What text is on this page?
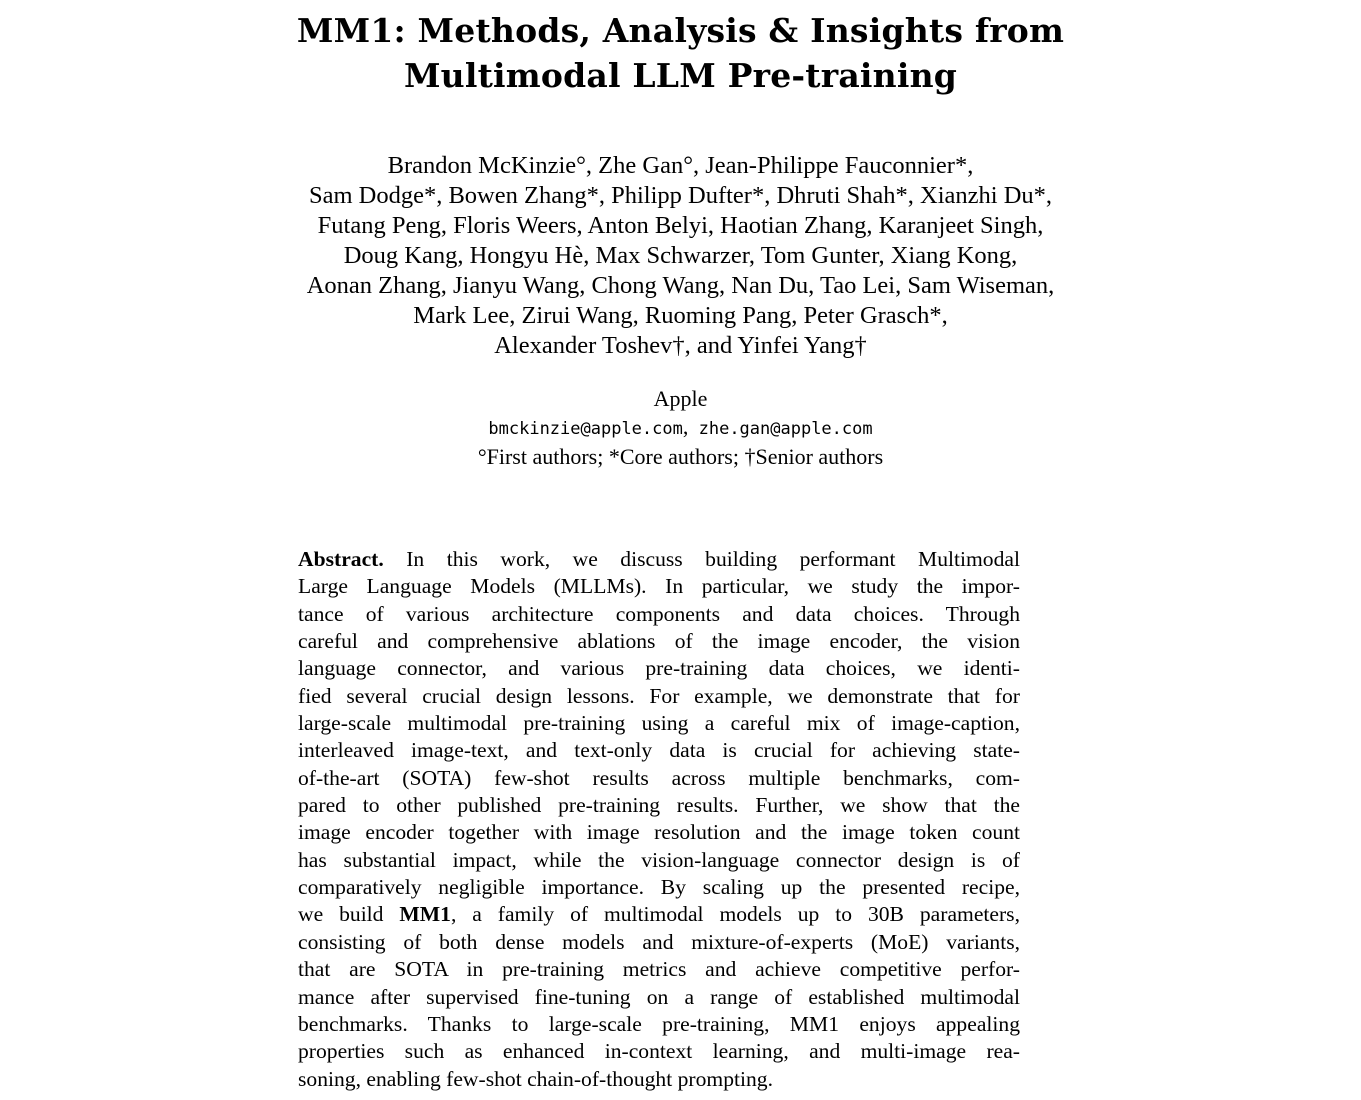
MM1: Methods, Analysis & Insights from
Multimodal LLM Pre-training
Brandon McKinzie°, Zhe Gan°, Jean-Philippe Fauconnier*,
Sam Dodge*, Bowen Zhang*, Philipp Dufter*, Dhruti Shah*, Xianzhi Du*,
Futang Peng, Floris Weers, Anton Belyi, Haotian Zhang, Karanjeet Singh,
Doug Kang, Hongyu Hè, Max Schwarzer, Tom Gunter, Xiang Kong,
Aonan Zhang, Jianyu Wang, Chong Wang, Nan Du, Tao Lei, Sam Wiseman,
Mark Lee, Zirui Wang, Ruoming Pang, Peter Grasch*,
Alexander Toshev†, and Yinfei Yang†
Apple
bmckinzie@apple.com, zhe.gan@apple.com
°First authors; *Core authors; †Senior authors
Abstract. In this work, we discuss building performant Multimodal
Large Language Models (MLLMs). In particular, we study the impor-
tance of various architecture components and data choices. Through
careful and comprehensive ablations of the image encoder, the vision
language connector, and various pre-training data choices, we identi-
fied several crucial design lessons. For example, we demonstrate that for
large-scale multimodal pre-training using a careful mix of image-caption,
interleaved image-text, and text-only data is crucial for achieving state-
of-the-art (SOTA) few-shot results across multiple benchmarks, com-
pared to other published pre-training results. Further, we show that the
image encoder together with image resolution and the image token count
has substantial impact, while the vision-language connector design is of
comparatively negligible importance. By scaling up the presented recipe,
we build MM1, a family of multimodal models up to 30B parameters,
consisting of both dense models and mixture-of-experts (MoE) variants,
that are SOTA in pre-training metrics and achieve competitive perfor-
mance after supervised fine-tuning on a range of established multimodal
benchmarks. Thanks to large-scale pre-training, MM1 enjoys appealing
properties such as enhanced in-context learning, and multi-image rea-
soning, enabling few-shot chain-of-thought prompting.
